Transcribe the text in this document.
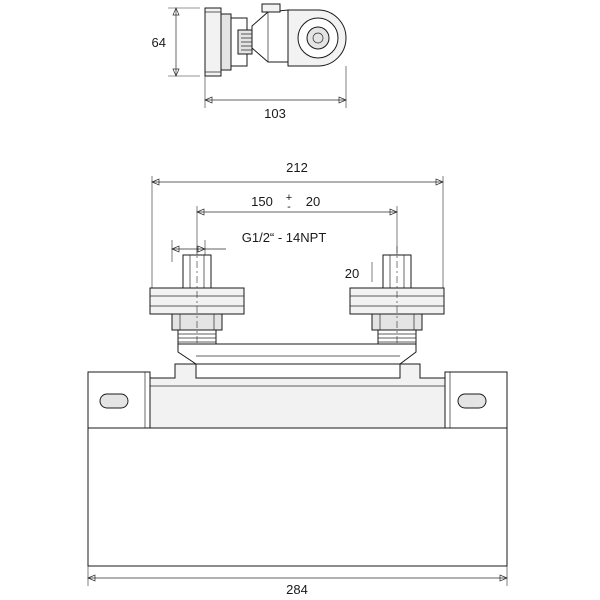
64
103
212
150 +
- 20
G1/2“ - 14NPT
20
284
